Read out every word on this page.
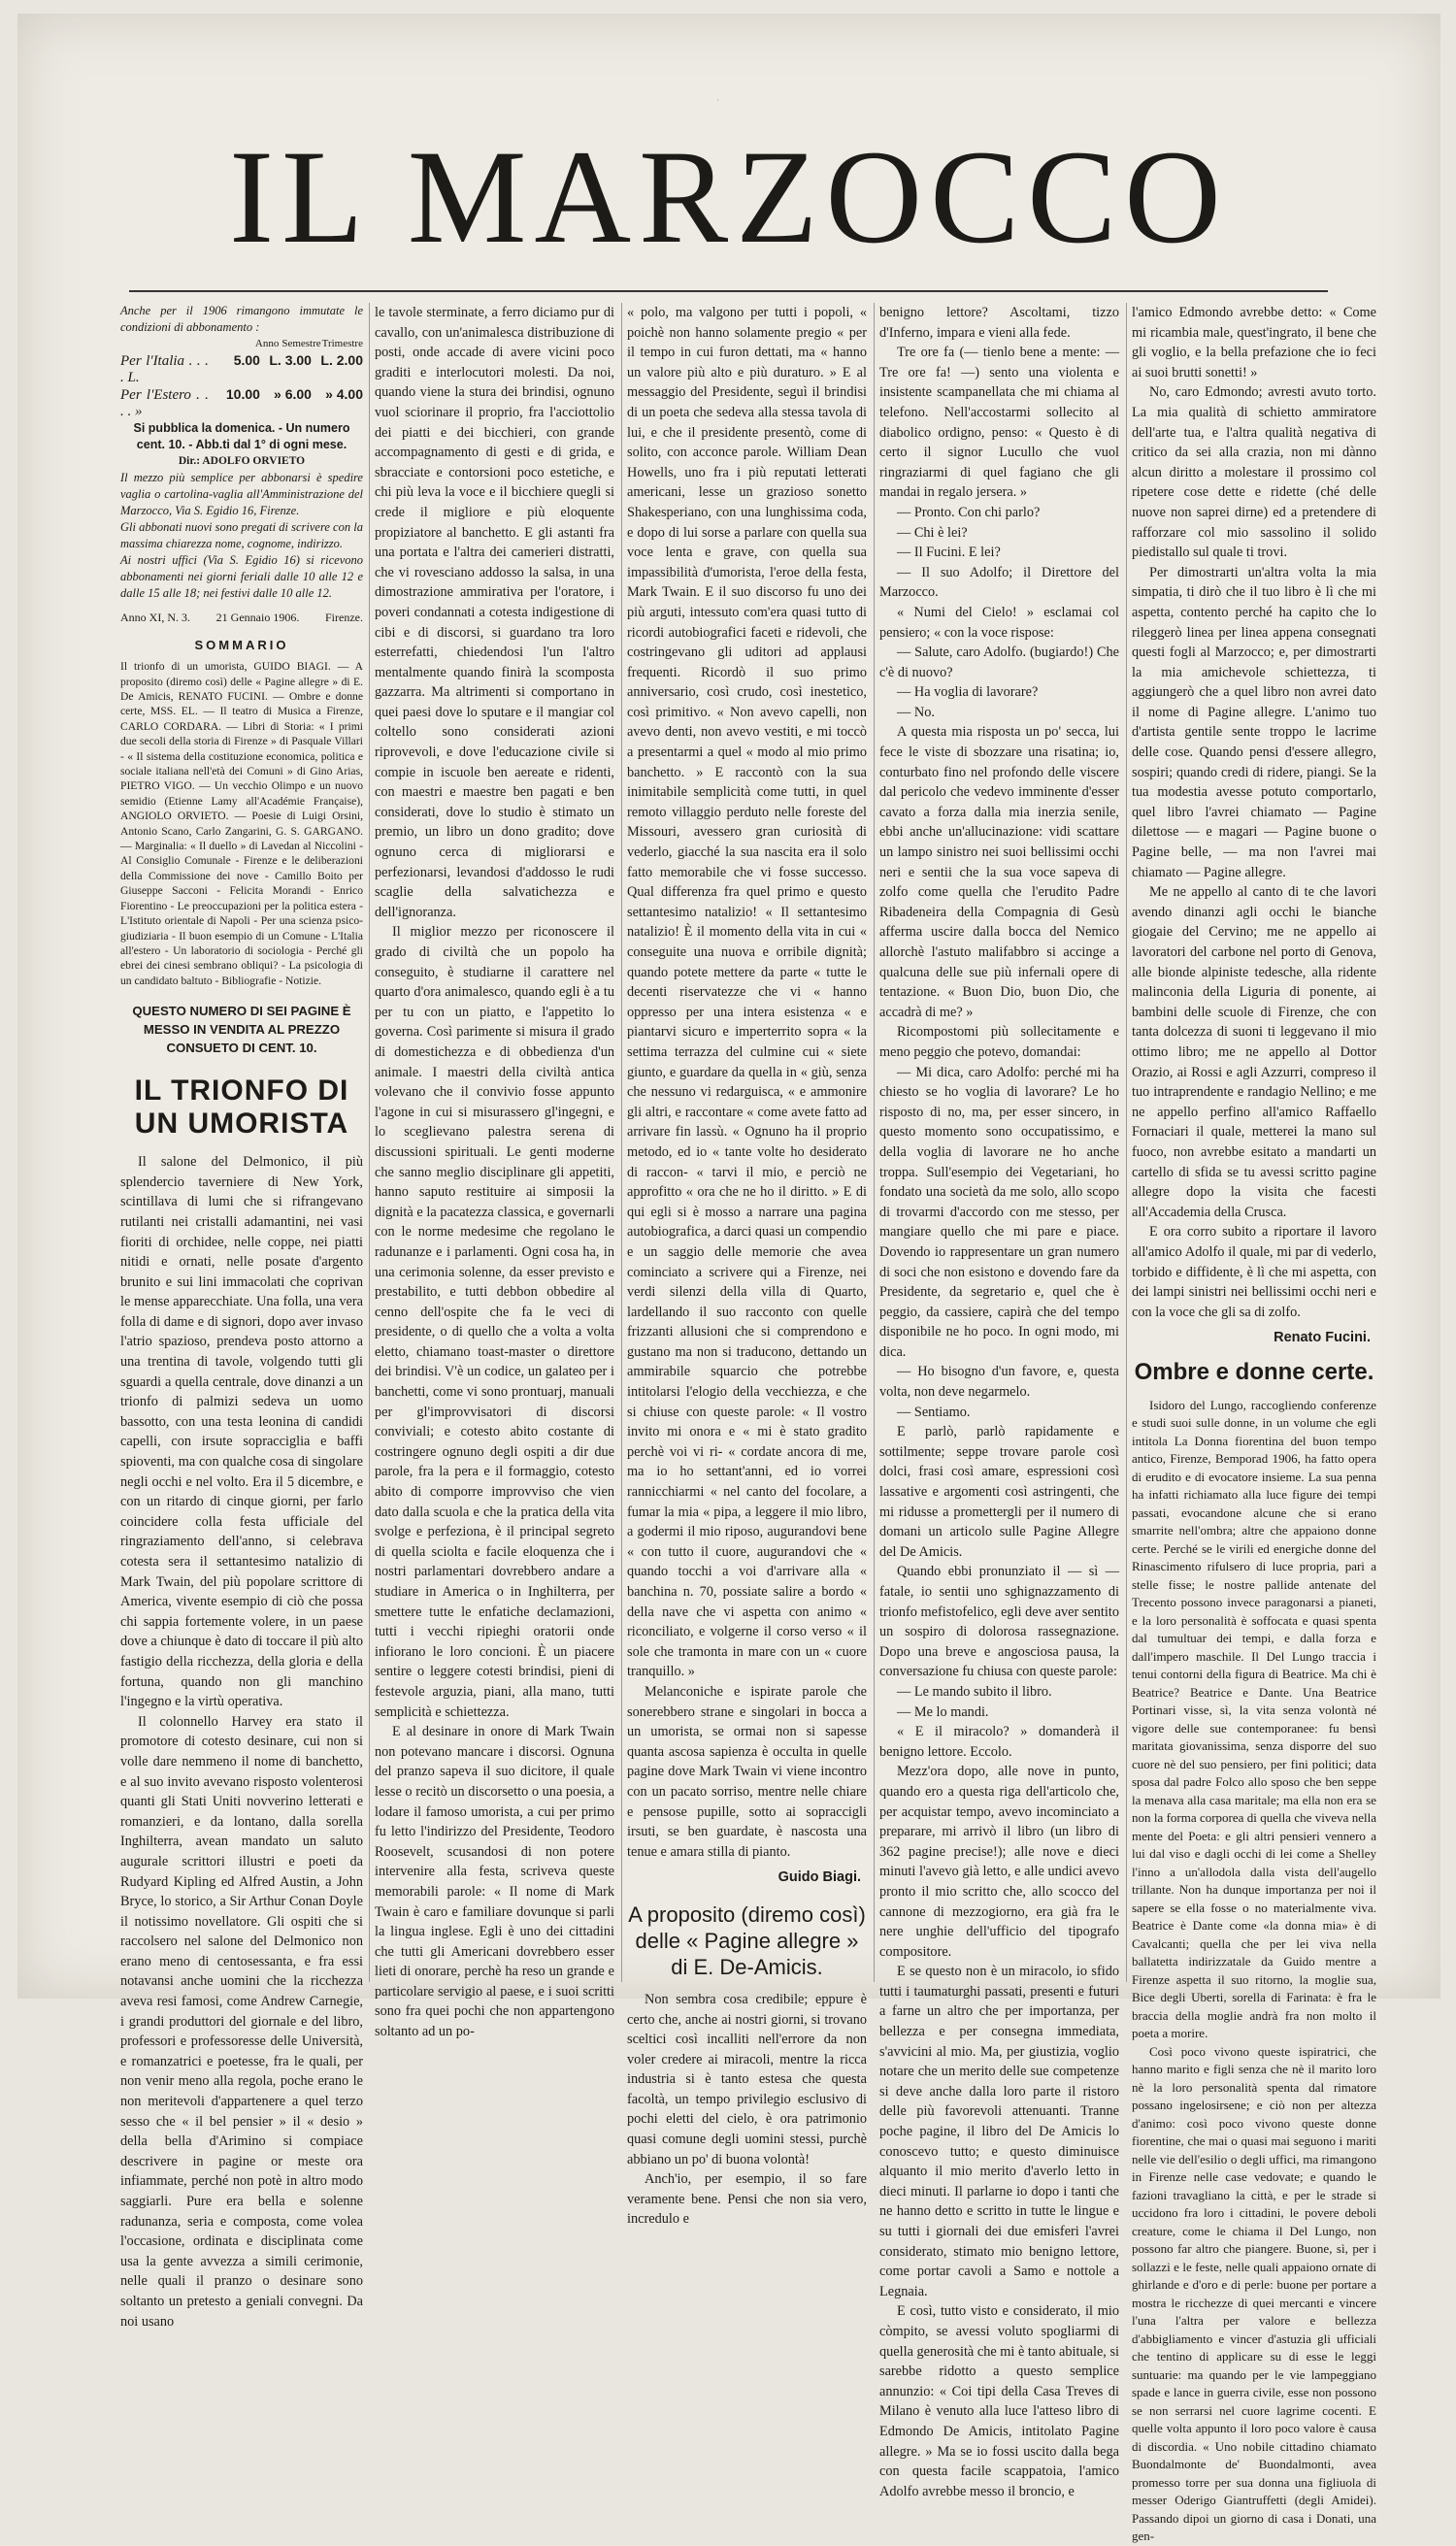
·
IL MARZOCCO
Anche per il 1906 rimangono immutate le condizioni di abbonamento :
Anno Semestre Trimestre
Per l'Italia . . . . L.
5.00 L. 3.00 L. 2.00
Per l'Estero . . . . »
10.00	» 6.00	» 4.00
Si pubblica la domenica. - Un numero cent. 10. - Abb.ti dal 1° di ogni mese.
Dir.: ADOLFO ORVIETO
Il mezzo più semplice per abbonarsi è spedire vaglia o cartolina-vaglia all'Amministrazione del Marzocco, Via S. Egidio 16, Firenze.
Gli abbonati nuovi sono pregati di scrivere con la massima chiarezza nome, cognome, indirizzo.
Ai nostri uffici (Via S. Egidio 16) si ricevono abbonamenti nei giorni feriali dalle 10 alle 12 e dalle 15 alle 18; nei festivi dalle 10 alle 12.
Anno XI, N. 3. 21 Gennaio 1906. Firenze.
SOMMARIO
Il trionfo di un umorista, GUIDO BIAGI. — A proposito (diremo così) delle « Pagine allegre » di E. De Amicis, RENATO FUCINI. — Ombre e donne certe, MSS. EL. — Il teatro di Musica a Firenze, CARLO CORDARA. — Libri di Storia: « I primi due secoli della storia di Firenze » di Pasquale Villari - « Il sistema della costituzione economica, politica e sociale italiana nell'età dei Comuni » di Gino Arias, PIETRO VIGO. — Un vecchio Olimpo e un nuovo semidio (Etienne Lamy all'Académie Française), ANGIOLO ORVIETO. — Poesie di Luigi Orsini, Antonio Scano, Carlo Zangarini, G. S. GARGANO. — Marginalia: « Il duello » di Lavedan al Niccolini - Al Consiglio Comunale - Firenze e le deliberazioni della Commissione dei nove - Camillo Boito per Giuseppe Sacconi - Felicita Morandi - Enrico Fiorentino - Le preoccupazioni per la politica estera - L'Istituto orientale di Napoli - Per una scienza psico-giudiziaria - Il buon esempio di un Comune - L'Italia all'estero - Un laboratorio di sociologia - Perché gli ebrei dei cinesi sembrano obliqui? - La psicologia di un candidato baltuto - Bibliografie - Notizie.
QUESTO NUMERO DI SEI PAGINE È MESSO IN VENDITA AL PREZZO CONSUETO DI CENT. 10.
IL TRIONFO DI UN UMORISTA

Il salone del Delmonico, il più splendercio taverniere di New York, scintillava di lumi che si rifrangevano rutilanti nei cristalli adamantini, nei vasi fioriti di orchidee, nelle coppe, nei piatti nitidi e ornati, nelle posate d'argento brunito e sui lini immacolati che coprivan le mense apparecchiate. Una folla, una vera folla di dame e di signori, dopo aver invaso l'atrio spazioso, prendeva posto attorno a una trentina di tavole, volgendo tutti gli sguardi a quella centrale, dove dinanzi a un trionfo di palmizi sedeva un uomo bassotto, con una testa leonina di candidi capelli, con irsute sopracciglia e baffi spioventi, ma con qualche cosa di singolare negli occhi e nel volto. Era il 5 dicembre, e con un ritardo di cinque giorni, per farlo coincidere colla festa ufficiale del ringraziamento dell'anno, si celebrava cotesta sera il settantesimo natalizio di Mark Twain, del più popolare scrittore di America, vivente esempio di ciò che possa chi sappia fortemente volere, in un paese dove a chiunque è dato di toccare il più alto fastigio della ricchezza, della gloria e della fortuna, quando non gli manchino l'ingegno e la virtù operativa.

Il colonnello Harvey era stato il promotore di cotesto desinare, cui non si volle dare nemmeno il nome di banchetto, e al suo invito avevano risposto volenterosi quanti gli Stati Uniti novverino letterati e romanzieri, e da lontano, dalla sorella Inghilterra, avean mandato un saluto augurale scrittori illustri e poeti da Rudyard Kipling ed Alfred Austin, a John Bryce, lo storico, a Sir Arthur Conan Doyle il notissimo novellatore. Gli ospiti che si raccolsero nel salone del Delmonico non erano meno di centosessanta, e fra essi notavansi anche uomini che la ricchezza aveva resi famosi, come Andrew Carnegie, i grandi produttori del giornale e del libro, professori e professoresse delle Università, e romanzatrici e poetesse, fra le quali, per non venir meno alla regola, poche erano le non meritevoli d'appartenere a quel terzo sesso che « il bel pensier » il « desio » della bella d'Arimino si compiace descrivere in pagine or meste ora infiammate, perché non potè in altro modo saggiarli. Pure era bella e solenne radunanza, seria e composta, come volea l'occasione, ordinata e disciplinata come usa la gente avvezza a simili cerimonie, nelle quali il pranzo o desinare sono soltanto un pretesto a geniali convegni. Da noi usano

le tavole sterminate, a ferro diciamo pur di cavallo, con un'animalesca distribuzione di posti, onde accade di avere vicini poco graditi e interlocutori molesti. Da noi, quando viene la stura dei brindisi, ognuno vuol sciorinare il proprio, fra l'acciottolio dei piatti e dei bicchieri, con grande accompagnamento di gesti e di grida, e sbracciate e contorsioni poco estetiche, e chi più leva la voce e il bicchiere quegli si crede il migliore e più eloquente propiziatore al banchetto. E gli astanti fra una portata e l'altra dei camerieri distratti, che vi rovesciano addosso la salsa, in una dimostrazione ammirativa per l'oratore, i poveri condannati a cotesta indigestione di cibi e di discorsi, si guardano tra loro esterrefatti, chiedendosi l'un l'altro mentalmente quando finirà la scomposta gazzarra. Ma altrimenti si comportano in quei paesi dove lo sputare e il mangiar col coltello sono considerati azioni riprovevoli, e dove l'educazione civile si compie in iscuole ben aereate e ridenti, con maestri e maestre ben pagati e ben considerati, dove lo studio è stimato un premio, un libro un dono gradito; dove ognuno cerca di migliorarsi e perfezionarsi, levandosi d'addosso le rudi scaglie della salvatichezza e dell'ignoranza.

Il miglior mezzo per riconoscere il grado di civiltà che un popolo ha conseguito, è studiarne il carattere nel quarto d'ora animalesco, quando egli è a tu per tu con un piatto, e l'appetito lo governa. Così parimente si misura il grado di domestichezza e di obbedienza d'un animale. I maestri della civiltà antica volevano che il convivio fosse appunto l'agone in cui si misurassero gl'ingegni, e lo sceglievano palestra serena di discussioni spirituali. Le genti moderne che sanno meglio disciplinare gli appetiti, hanno saputo restituire ai simposii la dignità e la pacatezza classica, e governarli con le norme medesime che regolano le radunanze e i parlamenti. Ogni cosa ha, in una cerimonia solenne, da esser previsto e prestabilito, e tutti debbon obbedire al cenno dell'ospite che fa le veci di presidente, o di quello che a volta a volta eletto, chiamano toast-master o direttore dei brindisi. V'è un codice, un galateo per i banchetti, come vi sono prontuarj, manuali per gl'improvvisatori di discorsi conviviali; e cotesto abito costante di costringere ognuno degli ospiti a dir due parole, fra la pera e il formaggio, cotesto abito di comporre improvviso che vien dato dalla scuola e che la pratica della vita svolge e perfeziona, è il principal segreto di quella sciolta e facile eloquenza che i nostri parlamentari dovrebbero andare a studiare in America o in Inghilterra, per smettere tutte le enfatiche declamazioni, tutti i vecchi ripieghi oratorii onde infiorano le loro concioni. È un piacere sentire o leggere cotesti brindisi, pieni di festevole arguzia, piani, alla mano, tutti semplicità e schiettezza.

E al desinare in onore di Mark Twain non potevano mancare i discorsi. Ognuna del pranzo sapeva il suo dicitore, il quale lesse o recitò un discorsetto o una poesia, a lodare il famoso umorista, a cui per primo fu letto l'indirizzo del Presidente, Teodoro Roosevelt, scusandosi di non potere intervenire alla festa, scriveva queste memorabili parole: « Il nome di Mark Twain è caro e familiare dovunque si parli la lingua inglese. Egli è uno dei cittadini che tutti gli Americani dovrebbero esser lieti di onorare, perchè ha reso un grande e particolare servigio al paese, e i suoi scritti sono fra quei pochi che non appartengono soltanto ad un po-

« polo, ma valgono per tutti i popoli, « poichè non hanno solamente pregio « per il tempo in cui furon dettati, ma « hanno un valore più alto e più duraturo. » E al messaggio del Presidente, seguì il brindisi di un poeta che sedeva alla stessa tavola di lui, e che il presidente presentò, come di solito, con acconce parole. William Dean Howells, uno fra i più reputati letterati americani, lesse un grazioso sonetto Shakesperiano, con una lunghissima coda, e dopo di lui sorse a parlare con quella sua voce lenta e grave, con quella sua impassibilità d'umorista, l'eroe della festa, Mark Twain. E il suo discorso fu uno dei più arguti, intessuto com'era quasi tutto di ricordi autobiografici faceti e ridevoli, che costringevano gli uditori ad applausi frequenti. Ricordò il suo primo anniversario, così crudo, così inestetico, così primitivo. « Non avevo capelli, non avevo denti, non avevo vestiti, e mi toccò a presentarmi a quel « modo al mio primo banchetto. » E raccontò con la sua inimitabile semplicità come tutti, in quel remoto villaggio perduto nelle foreste del Missouri, avessero gran curiosità di vederlo, giacché la sua nascita era il solo fatto memorabile che vi fosse successo. Qual differenza fra quel primo e questo settantesimo natalizio! « Il settantesimo natalizio! È il momento della vita in cui « conseguite una nuova e orribile dignità; quando potete mettere da parte « tutte le decenti riservatezze che vi « hanno oppresso per una intera esistenza « e piantarvi sicuro e imperterrito sopra « la settima terrazza del culmine cui « siete giunto, e guardare da quella in « giù, senza che nessuno vi redarguisca, « e ammonire gli altri, e raccontare « come avete fatto ad arrivare fin lassù. « Ognuno ha il proprio metodo, ed io « tante volte ho desiderato di raccon- « tarvi il mio, e perciò ne approfitto « ora che ne ho il diritto. » E di qui egli si è mosso a narrare una pagina autobiografica, a darci quasi un compendio e un saggio delle memorie che avea cominciato a scrivere qui a Firenze, nei verdi silenzi della villa di Quarto, lardellando il suo racconto con quelle frizzanti allusioni che si comprendono e gustano ma non si traducono, dettando un ammirabile squarcio che potrebbe intitolarsi l'elogio della vecchiezza, e che si chiuse con queste parole: « Il vostro invito mi onora e « mi è stato gradito perchè voi vi ri- « cordate ancora di me, ma io ho settant'anni, ed io vorrei rannicchiarmi « nel canto del focolare, a fumar la mia « pipa, a leggere il mio libro, a godermi il mio riposo, augurandovi bene « con tutto il cuore, augurandovi che « quando tocchi a voi d'arrivare alla « banchina n. 70, possiate salire a bordo « della nave che vi aspetta con animo « riconciliato, e volgerne il corso verso « il sole che tramonta in mare con un « cuore tranquillo. »

Melanconiche e ispirate parole che sonerebbero strane e singolari in bocca a un umorista, se ormai non si sapesse quanta ascosa sapienza è occulta in quelle pagine dove Mark Twain vi viene incontro con un pacato sorriso, mentre nelle chiare e pensose pupille, sotto ai sopraccigli irsuti, se ben guardate, è nascosta una tenue e amara stilla di pianto.

Guido Biagi.
A proposito (diremo così) delle « Pagine allegre » di E. De-Amicis.

Non sembra cosa credibile; eppure è certo che, anche ai nostri giorni, si trovano sceltici così incalliti nell'errore da non voler credere ai miracoli, mentre la ricca industria si è tanto estesa che questa facoltà, un tempo privilegio esclusivo di pochi eletti del cielo, è ora patrimonio quasi comune degli uomini stessi, purchè abbiano un po' di buona volontà!

Anch'io, per esempio, il so fare veramente bene. Pensi che non sia vero, incredulo e

benigno lettore? Ascoltami, tizzo d'Inferno, impara e vieni alla fede.

Tre ore fa (— tienlo bene a mente: — Tre ore fa! —) sento una violenta e insistente scampanellata che mi chiama al telefono. Nell'accostarmi sollecito al diabolico ordigno, penso: « Questo è di certo il signor Lucullo che vuol ringraziarmi di quel fagiano che gli mandai in regalo jersera. »

— Pronto. Con chi parlo?

— Chi è lei?

— Il Fucini. E lei?

— Il suo Adolfo; il Direttore del Marzocco.

« Numi del Cielo! » esclamai col pensiero; « con la voce rispose:

— Salute, caro Adolfo. (bugiardo!) Che c'è di nuovo?

— Ha voglia di lavorare?

— No.

A questa mia risposta un po' secca, lui fece le viste di sbozzare una risatina; io, conturbato fino nel profondo delle viscere dal pericolo che vedevo imminente d'esser cavato a forza dalla mia inerzia senile, ebbi anche un'allucinazione: vidi scattare un lampo sinistro nei suoi bellissimi occhi neri e sentii che la sua voce sapeva di zolfo come quella che l'erudito Padre Ribadeneira della Compagnia di Gesù afferma uscire dalla bocca del Nemico allorchè l'astuto malifabbro si accinge a qualcuna delle sue più infernali opere di tentazione. « Buon Dio, buon Dio, che accadrà di me? »

Ricompostomi più sollecitamente e meno peggio che potevo, domandai:

— Mi dica, caro Adolfo: perché mi ha chiesto se ho voglia di lavorare? Le ho risposto di no, ma, per esser sincero, in questo momento sono occupatissimo, e della voglia di lavorare ne ho anche troppa. Sull'esempio dei Vegetariani, ho fondato una società da me solo, allo scopo di trovarmi d'accordo con me stesso, per mangiare quello che mi pare e piace. Dovendo io rappresentare un gran numero di soci che non esistono e dovendo fare da Presidente, da segretario e, quel che è peggio, da cassiere, capirà che del tempo disponibile ne ho poco. In ogni modo, mi dica.

— Ho bisogno d'un favore, e, questa volta, non deve negarmelo.

— Sentiamo.

E parlò, parlò rapidamente e sottilmente; seppe trovare parole così dolci, frasi così amare, espressioni così lassative e argomenti così astringenti, che mi ridusse a promettergli per il numero di domani un articolo sulle Pagine Allegre del De Amicis.

Quando ebbi pronunziato il — sì — fatale, io sentii uno sghignazzamento di trionfo mefistofelico, egli deve aver sentito un sospiro di dolorosa rassegnazione. Dopo una breve e angosciosa pausa, la conversazione fu chiusa con queste parole:

— Le mando subito il libro.

— Me lo mandi.

« E il miracolo? » domanderà il benigno lettore. Eccolo.

Mezz'ora dopo, alle nove in punto, quando ero a questa riga dell'articolo che, per acquistar tempo, avevo incominciato a preparare, mi arrivò il libro (un libro di 362 pagine precise!); alle nove e dieci minuti l'avevo già letto, e alle undici avevo pronto il mio scritto che, allo scocco del cannone di mezzogiorno, era già fra le nere unghie dell'ufficio del tipografo compositore.

E se questo non è un miracolo, io sfido tutti i taumaturghi passati, presenti e futuri a farne un altro che per importanza, per bellezza e per consegna immediata, s'avvicini al mio. Ma, per giustizia, voglio notare che un merito delle sue competenze si deve anche dalla loro parte il ristoro delle più favorevoli attenuanti. Tranne poche pagine, il libro del De Amicis lo conoscevo tutto; e questo diminuisce alquanto il mio merito d'averlo letto in dieci minuti. Il parlarne io dopo i tanti che ne hanno detto e scritto in tutte le lingue e su tutti i giornali dei due emisferi l'avrei considerato, stimato mio benigno lettore, come portar cavoli a Samo e nottole a Legnaia.

E così, tutto visto e considerato, il mio còmpito, se avessi voluto spogliarmi di quella generosità che mi è tanto abituale, si sarebbe ridotto a questo semplice annunzio: « Coi tipi della Casa Treves di Milano è venuto alla luce l'atteso libro di Edmondo De Amicis, intitolato Pagine allegre. » Ma se io fossi uscito dalla bega con questa facile scappatoia, l'amico Adolfo avrebbe messo il broncio, e

l'amico Edmondo avrebbe detto: « Come mi ricambia male, quest'ingrato, il bene che gli voglio, e la bella prefazione che io feci ai suoi brutti sonetti! »

No, caro Edmondo; avresti avuto torto. La mia qualità di schietto ammiratore dell'arte tua, e l'altra qualità negativa di critico da sei alla crazia, non mi dànno alcun diritto a molestare il prossimo col ripetere cose dette e ridette (ché delle nuove non saprei dirne) ed a pretendere di rafforzare col mio sassolino il solido piedistallo sul quale ti trovi.

Per dimostrarti un'altra volta la mia simpatia, ti dirò che il tuo libro è lì che mi aspetta, contento perché ha capito che lo rileggerò linea per linea appena consegnati questi fogli al Marzocco; e, per dimostrarti la mia amichevole schiettezza, ti aggiungerò che a quel libro non avrei dato il nome di Pagine allegre. L'animo tuo d'artista gentile sente troppo le lacrime delle cose. Quando pensi d'essere allegro, sospiri; quando credi di ridere, piangi. Se la tua modestia avesse potuto comportarlo, quel libro l'avrei chiamato — Pagine dilettose — e magari — Pagine buone o Pagine belle, — ma non l'avrei mai chiamato — Pagine allegre.

Me ne appello al canto di te che lavori avendo dinanzi agli occhi le bianche giogaie del Cervino; me ne appello ai lavoratori del carbone nel porto di Genova, alle bionde alpiniste tedesche, alla ridente malinconia della Liguria di ponente, ai bambini delle scuole di Firenze, che con tanta dolcezza di suoni ti leggevano il mio ottimo libro; me ne appello al Dottor Orazio, ai Rossi e agli Azzurri, compreso il tuo intraprendente e randagio Nellino; e me ne appello perfino all'amico Raffaello Fornaciari il quale, metterei la mano sul fuoco, non avrebbe esitato a mandarti un cartello di sfida se tu avessi scritto pagine allegre dopo la visita che facesti all'Accademia della Crusca.

E ora corro subito a riportare il lavoro all'amico Adolfo il quale, mi par di vederlo, torbido e diffidente, è lì che mi aspetta, con dei lampi sinistri nei bellissimi occhi neri e con la voce che gli sa di zolfo.

Renato Fucini.
Ombre e donne certe.

Isidoro del Lungo, raccogliendo conferenze e studi suoi sulle donne, in un volume che egli intitola La Donna fiorentina del buon tempo antico, Firenze, Bemporad 1906, ha fatto opera di erudito e di evocatore insieme. La sua penna ha infatti richiamato alla luce figure dei tempi passati, evocandone alcune che si erano smarrite nell'ombra; altre che appaiono donne certe. Perché se le virili ed energiche donne del Rinascimento rifulsero di luce propria, pari a stelle fisse; le nostre pallide antenate del Trecento possono invece paragonarsi a pianeti, e la loro personalità è soffocata e quasi spenta dal tumultuar dei tempi, e dalla forza e dall'impero maschile. Il Del Lungo traccia i tenui contorni della figura di Beatrice. Ma chi è Beatrice? Beatrice e Dante. Una Beatrice Portinari visse, sì, la vita senza volontà né vigore delle sue contemporanee: fu bensì maritata giovanissima, senza disporre del suo cuore nè del suo pensiero, per fini politici; data sposa dal padre Folco allo sposo che ben seppe la menava alla casa maritale; ma ella non era se non la forma corporea di quella che viveva nella mente del Poeta: e gli altri pensieri vennero a lui dal viso e dagli occhi di lei come a Shelley l'inno a un'allodola dalla vista dell'augello trillante. Non ha dunque importanza per noi il sapere se ella fosse o no materialmente viva. Beatrice è Dante come «la donna mia» è di Cavalcanti; quella che per lei viva nella ballatetta indirizzatale da Guido mentre a Firenze aspetta il suo ritorno, la moglie sua, Bice degli Uberti, sorella di Farinata: è fra le braccia della moglie andrà fra non molto il poeta a morire.

Così poco vivono queste ispiratrici, che hanno marito e figli senza che nè il marito loro nè la loro personalità spenta dal rimatore possano ingelosirsene; e ciò non per altezza d'animo: così poco vivono queste donne fiorentine, che mai o quasi mai seguono i mariti nelle vie dell'esilio o degli uffici, ma rimangono in Firenze nelle case vedovate; e quando le fazioni travagliano la città, e per le strade si uccidono fra loro i cittadini, le povere deboli creature, come le chiama il Del Lungo, non possono far altro che piangere. Buone, sì, per i sollazzi e le feste, nelle quali appaiono ornate di ghirlande e d'oro e di perle: buone per portare a mostra le ricchezze di quei mercanti e vincere l'una l'altra per valore e bellezza d'abbigliamento e vincer d'astuzia gli ufficiali che tentino di applicare su di esse le leggi suntuarie: ma quando per le vie lampeggiano spade e lance in guerra civile, esse non possono se non serrarsi nel cuore lagrime cocenti. E quelle volta appunto il loro poco valore è causa di discordia. « Uno nobile cittadino chiamato Buondalmonte de' Buondalmonti, avea promesso torre per sua donna una figliuola di messer Oderigo Giantruffetti (degli Amidei). Passando dipoi un giorno di casa i Donati, una gen-
